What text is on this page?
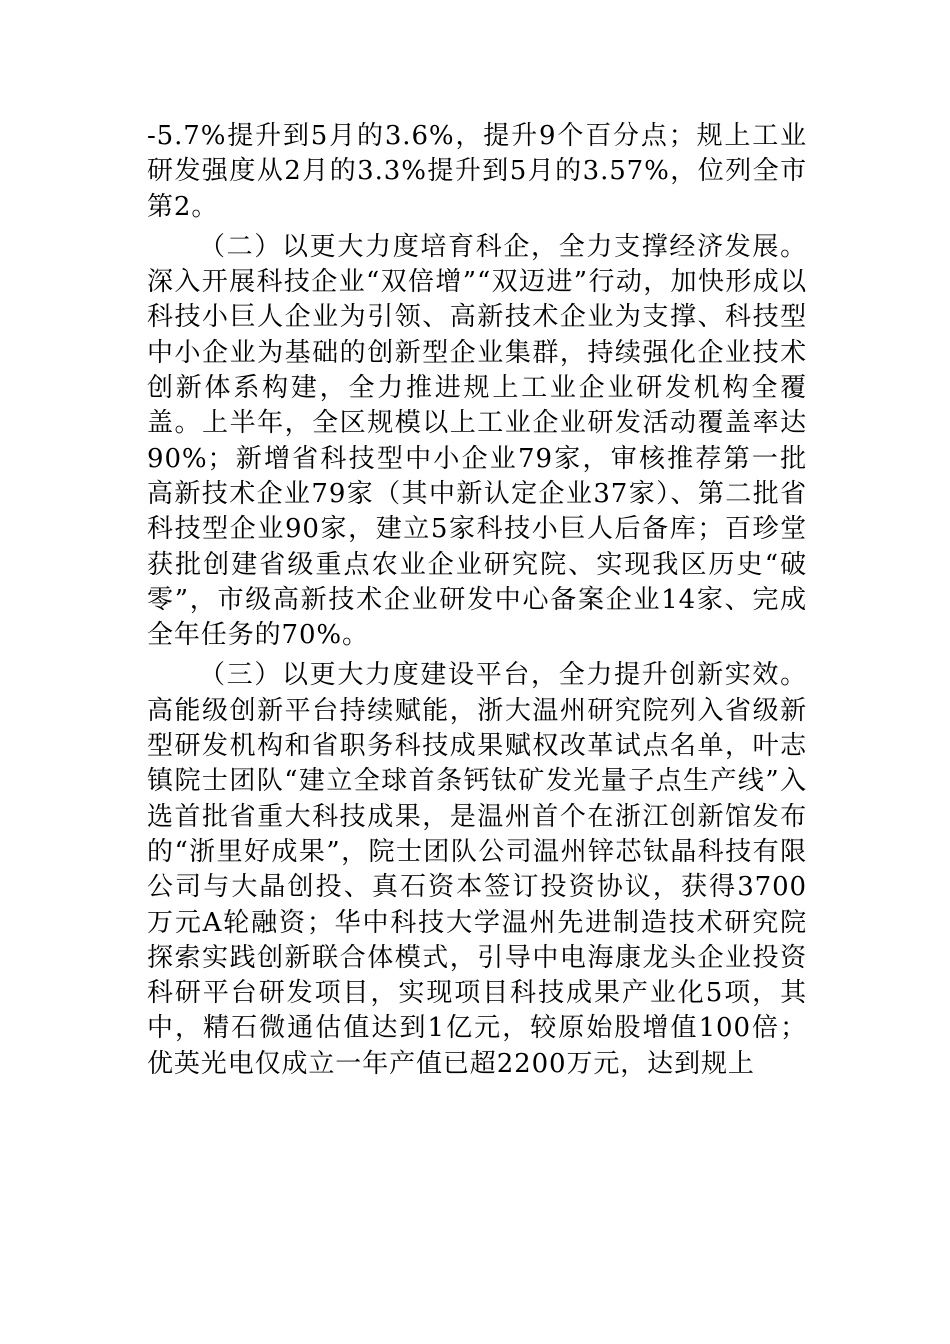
-5.7%提升到5月的3.6%，提升9个百分点；规上工业研发强度从2月的3.3%提升到5月的3.57%，位列全市第2。

（二）以更大力度培育科企，全力支撑经济发展。深入开展科技企业“双倍增”“双迈进”行动，加快形成以科技小巨人企业为引领、高新技术企业为支撑、科技型中小企业为基础的创新型企业集群，持续强化企业技术创新体系构建，全力推进规上工业企业研发机构全覆盖。上半年，全区规模以上工业企业研发活动覆盖率达90%；新增省科技型中小企业79家，审核推荐第一批高新技术企业79家（其中新认定企业37家）、第二批省科技型企业90家，建立5家科技小巨人后备库；百珍堂获批创建省级重点农业企业研究院、实现我区历史“破零”，市级高新技术企业研发中心备案企业14家、完成全年任务的70%。

（三）以更大力度建设平台，全力提升创新实效。高能级创新平台持续赋能，浙大温州研究院列入省级新型研发机构和省职务科技成果赋权改革试点名单，叶志镇院士团队“建立全球首条钙钛矿发光量子点生产线”入选首批省重大科技成果，是温州首个在浙江创新馆发布的“浙里好成果”，院士团队公司温州锌芯钛晶科技有限公司与大晶创投、真石资本签订投资协议，获得3700万元A轮融资；华中科技大学温州先进制造技术研究院探索实践创新联合体模式，引导中电海康龙头企业投资科研平台研发项目，实现项目科技成果产业化5项，其中，精石微通估值达到1亿元，较原始股增值100倍；优英光电仅成立一年产值已超2200万元，达到规上
